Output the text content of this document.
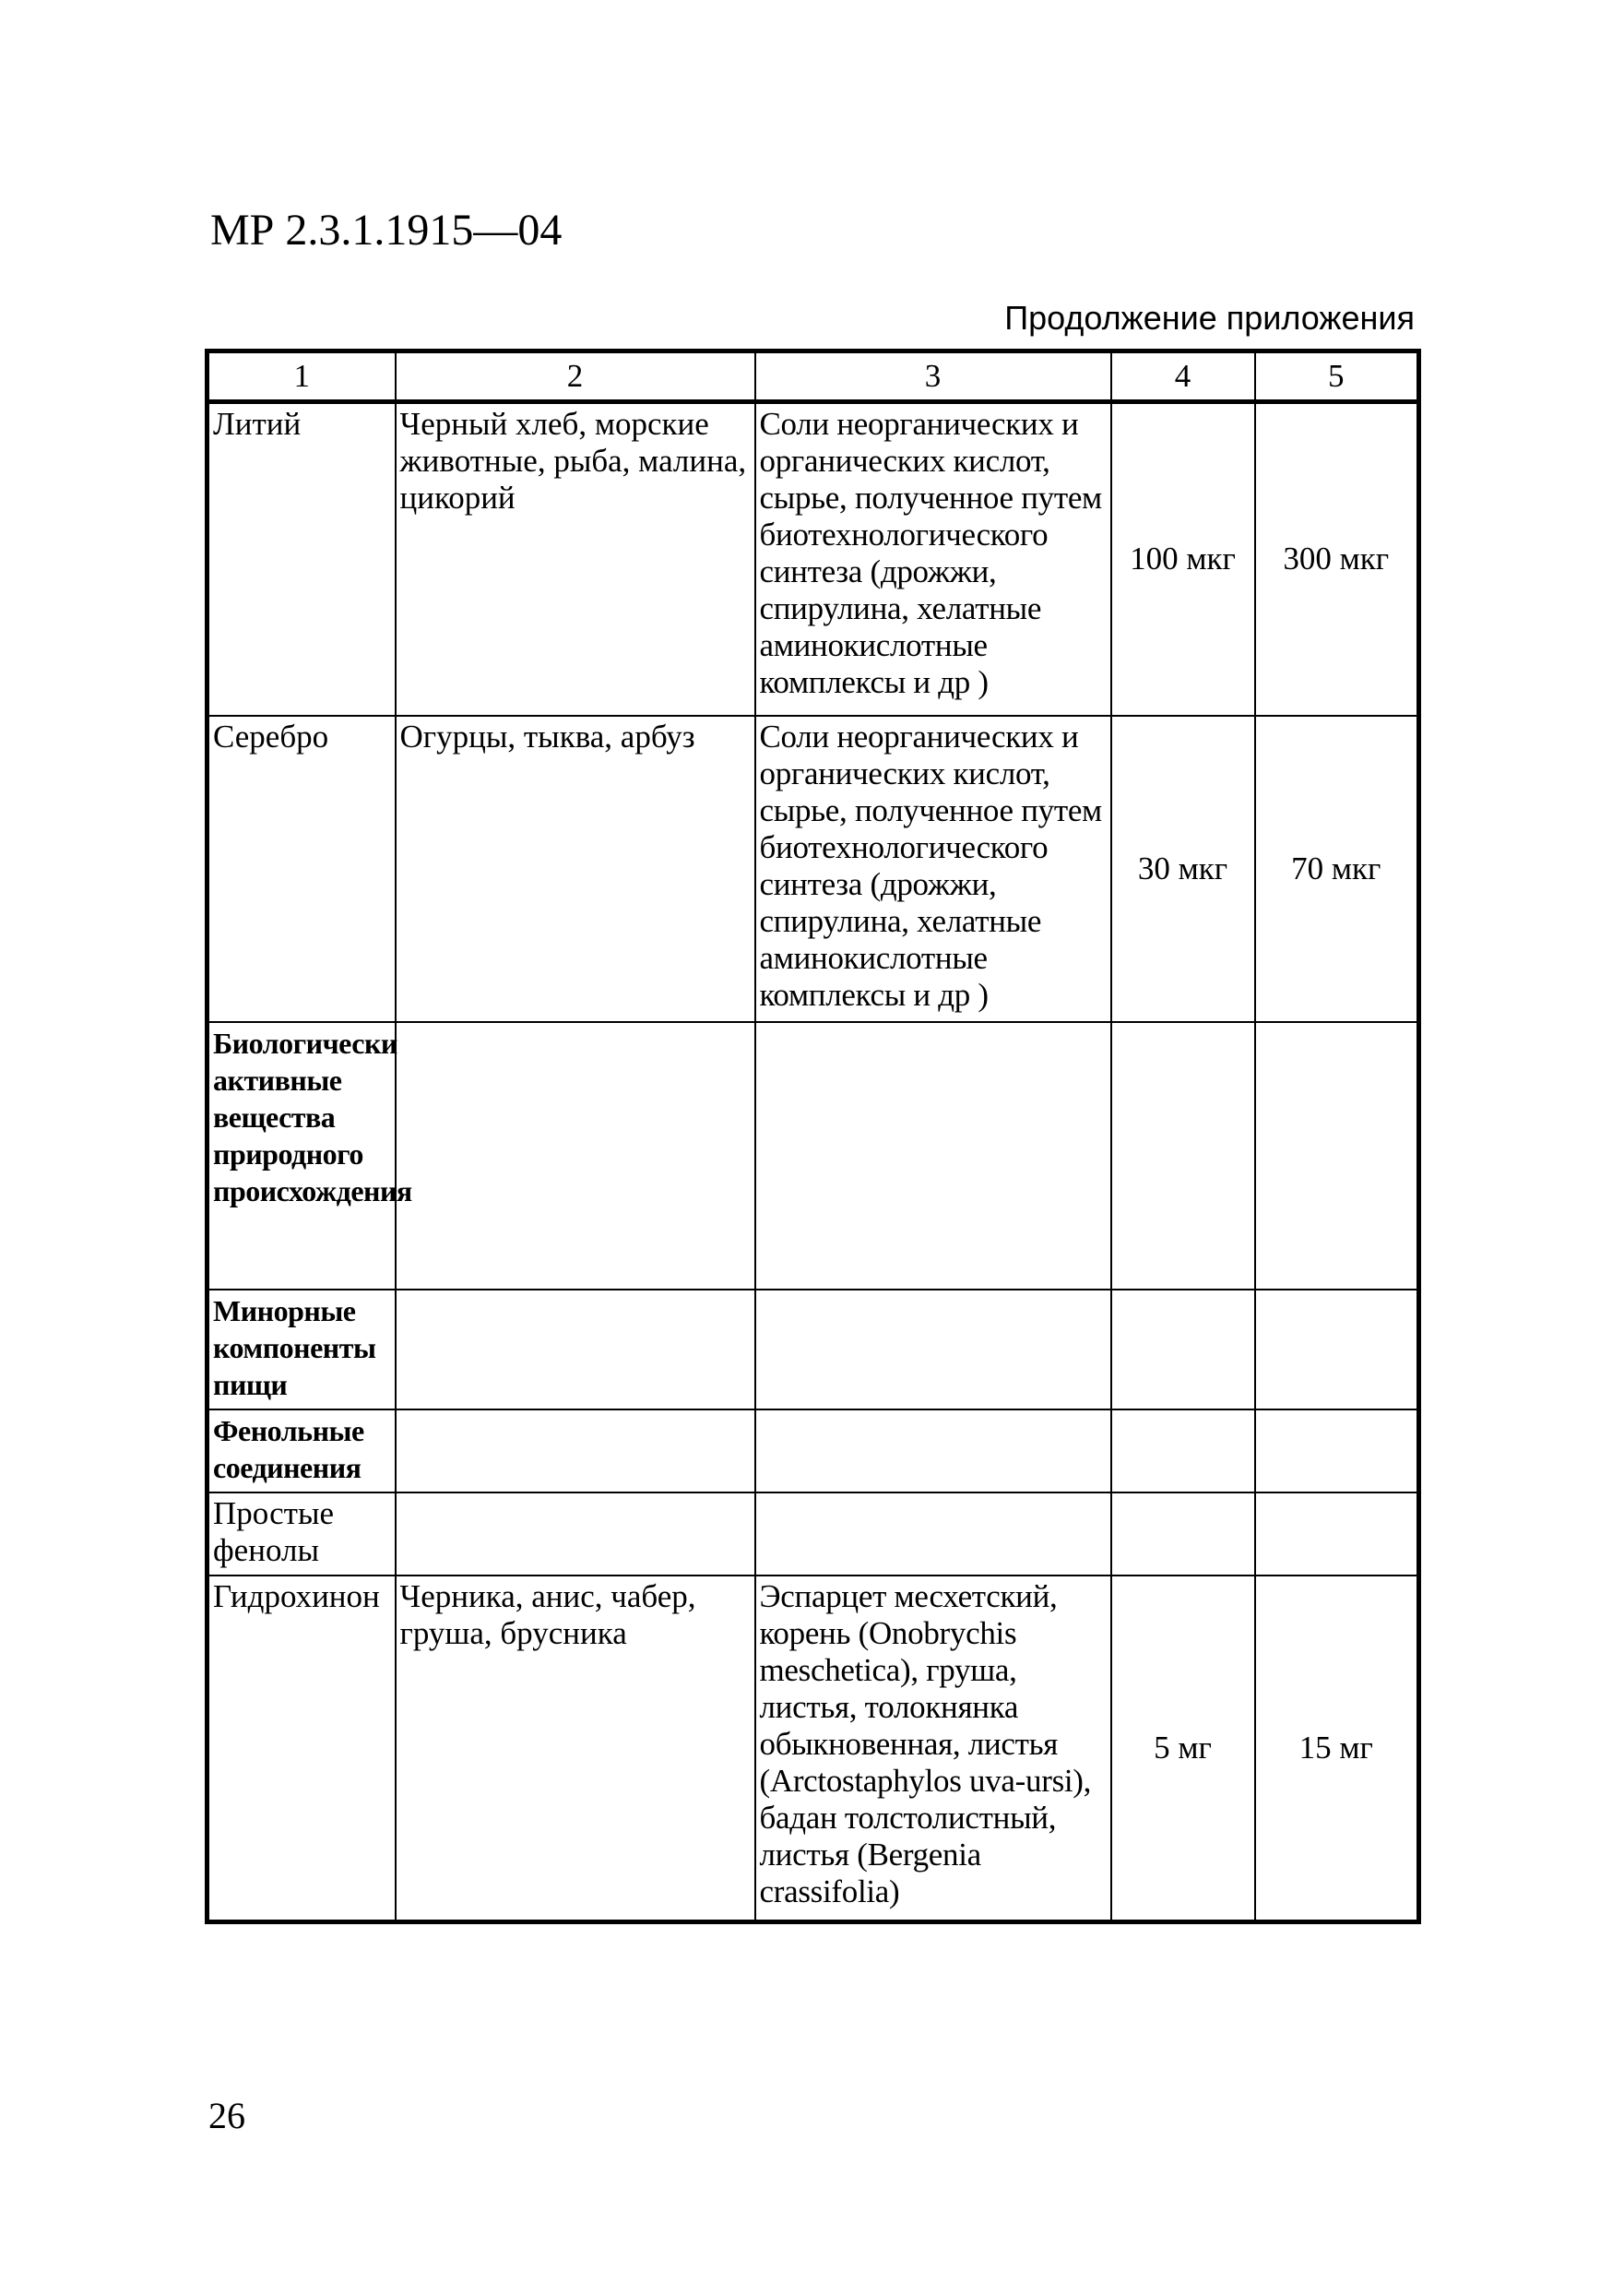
МР 2.3.1.1915—04
Продолжение приложения
1	2	3	4	5
Литий	Черный хлеб, морские животные, рыба, малина, цикорий	Соли неорганических и органических кислот, сырье, полученное путем биотехнологического синтеза (дрожжи, спирулина, хелатные аминокислотные комплексы и др )	100 мкг	300 мкг
Серебро	Огурцы, тыква, арбуз	Соли неорганических и органических кислот, сырье, полученное путем биотехнологического синтеза (дрожжи, спирулина, хелатные аминокислотные комплексы и др )	30 мкг	70 мкг
Биологически активные вещества природного происхождения				
Минорные компоненты пищи				
Фенольные соединения				
Простые фенолы				
Гидрохинон	Черника, анис, чабер, груша, брусника	Эспарцет месхетский, корень (Onobrychis meschetica), груша, листья, толокнянка обыкновенная, листья (Arctostaphylos uva-ursi), бадан толстолистный, листья (Bergenia crassifolia)	5 мг	15 мг
26
